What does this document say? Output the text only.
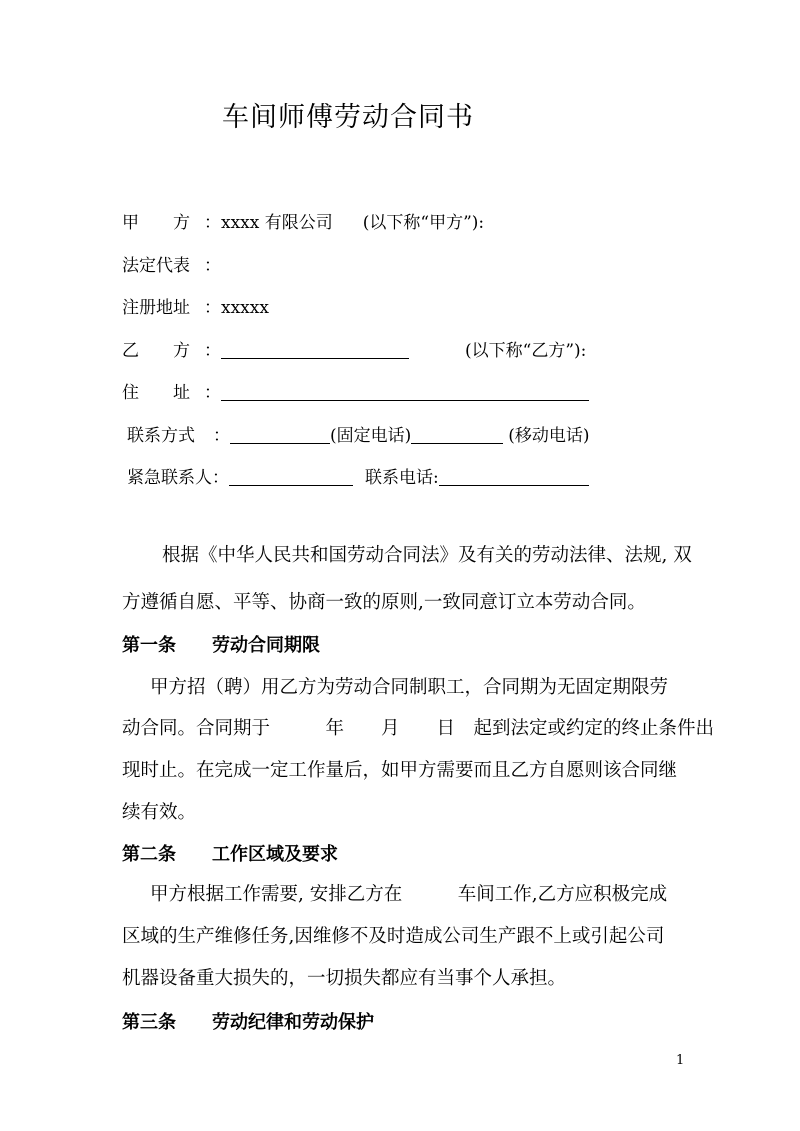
车间师傅劳动合同书
甲 方 ：xxxx 有限公司 (以下称“甲方”):
法定代表 ：
注册地址 ：xxxxx
乙 方 ：	(以下称“乙方”):
住 址 ：
联系方式 ：	(固定电话)	(移动电话)
紧急联系人：	联系电话:
根据《中华人民共和国劳动合同法》及有关的劳动法律、法规, 双
方遵循自愿、平等、协商一致的原则,一致同意订立本劳动合同。
第一条　　劳动合同期限
甲方招（聘）用乙方为劳动合同制职工，合同期为无固定期限劳
动合同。合同期于　　　年　　月　　日　起到法定或约定的终止条件出
现时止。在完成一定工作量后，如甲方需要而且乙方自愿则该合同继
续有效。
第二条　　工作区域及要求
甲方根据工作需要, 安排乙方在　　　车间工作,乙方应积极完成
区域的生产维修任务,因维修不及时造成公司生产跟不上或引起公司
机器设备重大损失的，一切损失都应有当事个人承担。
第三条　　劳动纪律和劳动保护
1
